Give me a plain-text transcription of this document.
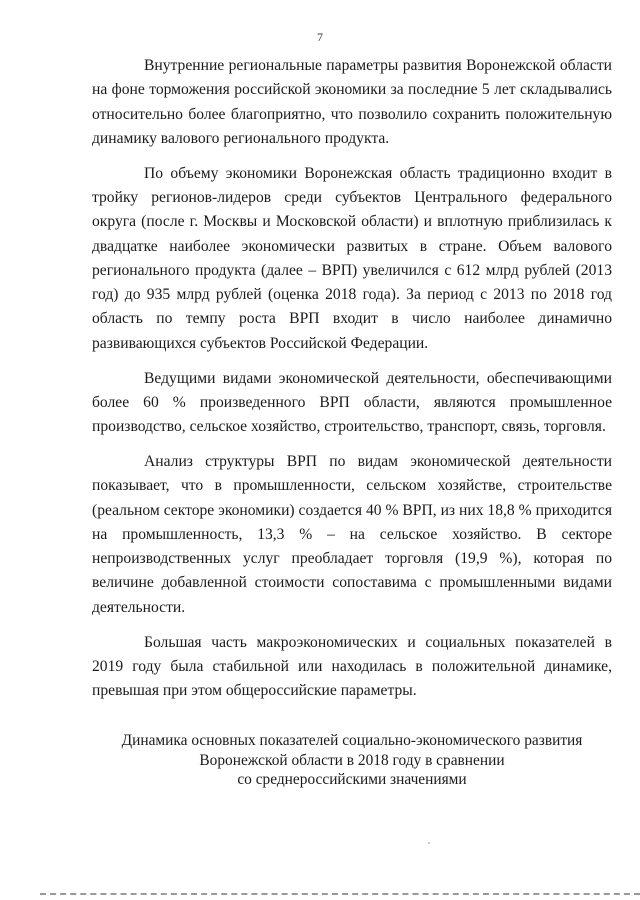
7

Внутренние региональные параметры развития Воронежской области на фоне торможения российской экономики за последние 5 лет складывались относительно более благоприятно, что позволило сохранить положительную динамику валового регионального продукта.

По объему экономики Воронежская область традиционно входит в тройку регионов-лидеров среди субъектов Центрального федерального округа (после г. Москвы и Московской области) и вплотную приблизилась к двадцатке наиболее экономически развитых в стране. Объем валового регионального продукта (далее – ВРП) увеличился с 612 млрд рублей (2013 год) до 935 млрд рублей (оценка 2018 года). За период с 2013 по 2018 год область по темпу роста ВРП входит в число наиболее динамично развивающихся субъектов Российской Федерации.

Ведущими видами экономической деятельности, обеспечивающими более 60 % произведенного ВРП области, являются промышленное производство, сельское хозяйство, строительство, транспорт, связь, торговля.

Анализ структуры ВРП по видам экономической деятельности показывает, что в промышленности, сельском хозяйстве, строительстве (реальном секторе экономики) создается 40 % ВРП, из них 18,8 % приходится на промышленность, 13,3 % – на сельское хозяйство. В секторе непроизводственных услуг преобладает торговля (19,9 %), которая по величине добавленной стоимости сопоставима с промышленными видами деятельности.

Большая часть макроэкономических и социальных показателей в 2019 году была стабильной или находилась в положительной динамике, превышая при этом общероссийские параметры.

Динамика основных показателей социально-экономического развития
Воронежской области в 2018 году в сравнении
со среднероссийскими значениями
